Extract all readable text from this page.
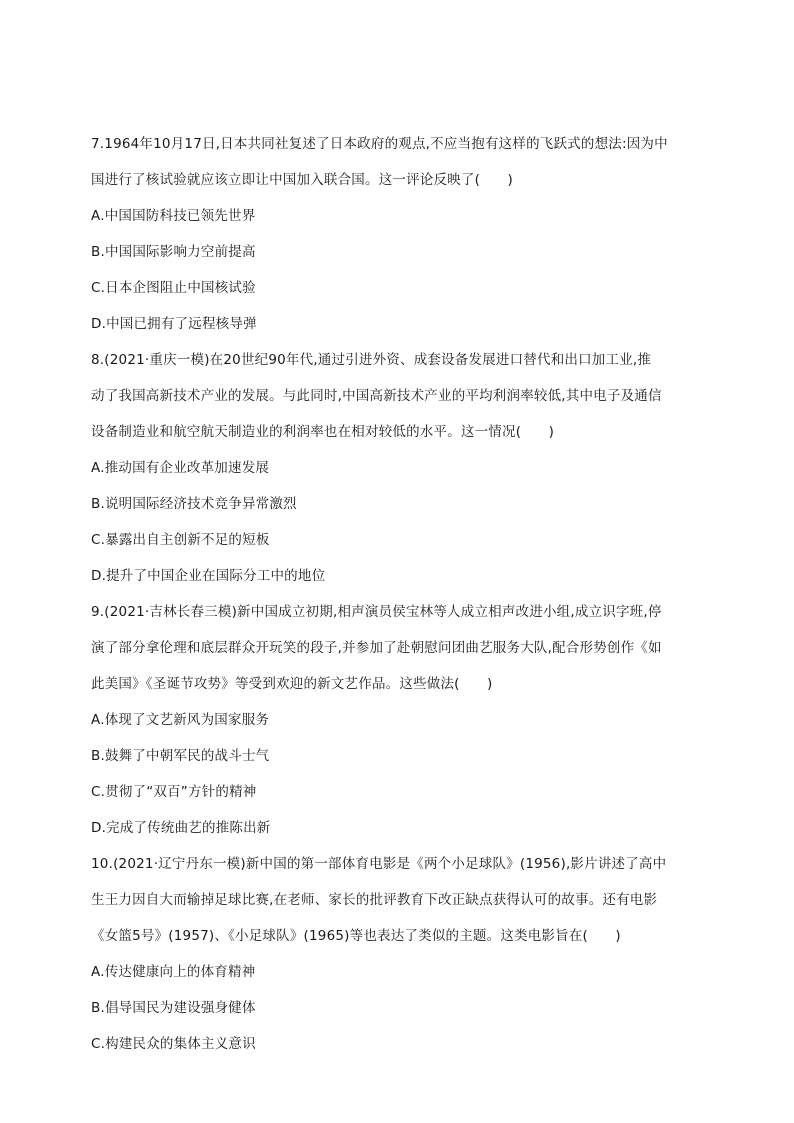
7.1964年10月17日,日本共同社复述了日本政府的观点,不应当抱有这样的飞跃式的想法:因为中
国进行了核试验就应该立即让中国加入联合国。这一评论反映了(　　)

A.中国国防科技已领先世界

B.中国国际影响力空前提高

C.日本企图阻止中国核试验

D.中国已拥有了远程核导弹

8.(2021·重庆一模)在20世纪90年代,通过引进外资、成套设备发展进口替代和出口加工业,推
动了我国高新技术产业的发展。与此同时,中国高新技术产业的平均利润率较低,其中电子及通信
设备制造业和航空航天制造业的利润率也在相对较低的水平。这一情况(　　)

A.推动国有企业改革加速发展

B.说明国际经济技术竞争异常激烈

C.暴露出自主创新不足的短板

D.提升了中国企业在国际分工中的地位

9.(2021·吉林长春三模)新中国成立初期,相声演员侯宝林等人成立相声改进小组,成立识字班,停
演了部分拿伦理和底层群众开玩笑的段子,并参加了赴朝慰问团曲艺服务大队,配合形势创作《如
此美国》《圣诞节攻势》等受到欢迎的新文艺作品。这些做法(　　)

A.体现了文艺新风为国家服务

B.鼓舞了中朝军民的战斗士气

C.贯彻了“双百”方针的精神

D.完成了传统曲艺的推陈出新

10.(2021·辽宁丹东一模)新中国的第一部体育电影是《两个小足球队》(1956),影片讲述了高中
生王力因自大而输掉足球比赛,在老师、家长的批评教育下改正缺点获得认可的故事。还有电影
《女篮5号》(1957)、《小足球队》(1965)等也表达了类似的主题。这类电影旨在(　　)

A.传达健康向上的体育精神

B.倡导国民为建设强身健体

C.构建民众的集体主义意识
